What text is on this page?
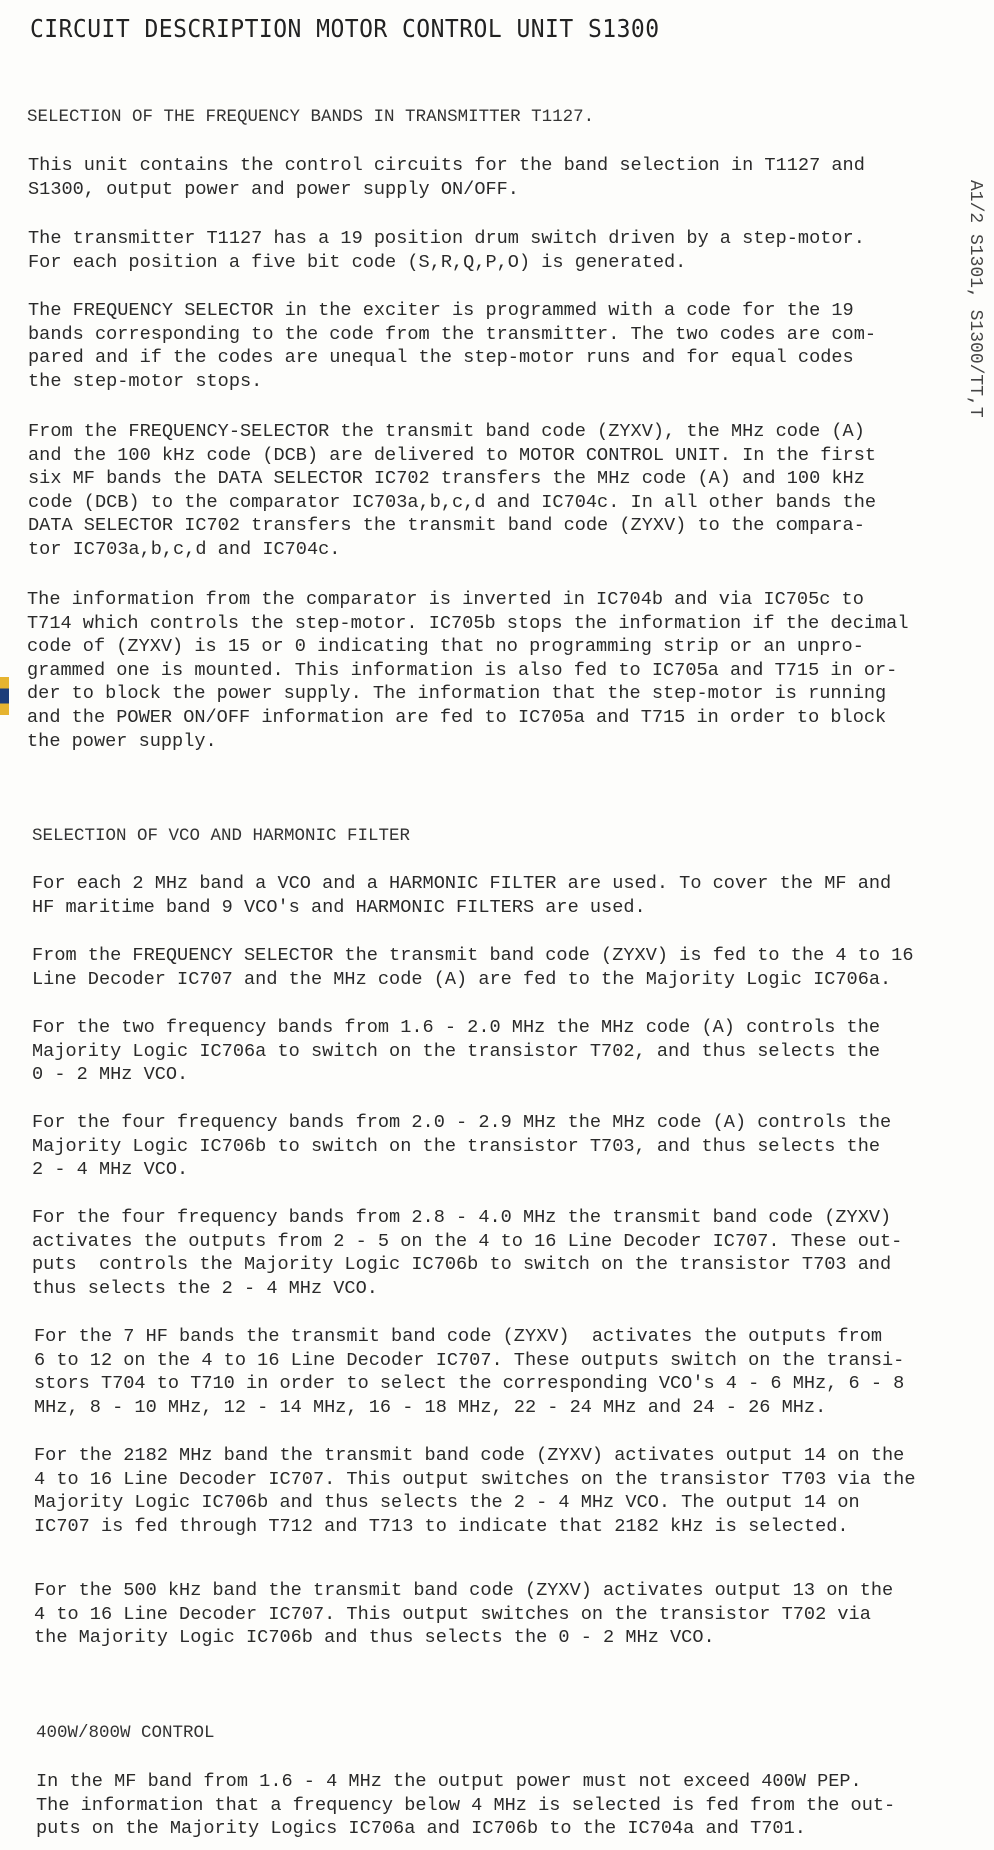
CIRCUIT DESCRIPTION MOTOR CONTROL UNIT S1300
A1/2 S1301, S1300/TT,T
SELECTION OF THE FREQUENCY BANDS IN TRANSMITTER T1127.
This unit contains the control circuits for the band selection in T1127 and
S1300, output power and power supply ON/OFF.
The transmitter T1127 has a 19 position drum switch driven by a step-motor.
For each position a five bit code (S,R,Q,P,O) is generated.
The FREQUENCY SELECTOR in the exciter is programmed with a code for the 19
bands corresponding to the code from the transmitter. The two codes are com-
pared and if the codes are unequal the step-motor runs and for equal codes
the step-motor stops.
From the FREQUENCY-SELECTOR the transmit band code (ZYXV), the MHz code (A)
and the 100 kHz code (DCB) are delivered to MOTOR CONTROL UNIT. In the first
six MF bands the DATA SELECTOR IC702 transfers the MHz code (A) and 100 kHz
code (DCB) to the comparator IC703a,b,c,d and IC704c. In all other bands the
DATA SELECTOR IC702 transfers the transmit band code (ZYXV) to the compara-
tor IC703a,b,c,d and IC704c.
The information from the comparator is inverted in IC704b and via IC705c to
T714 which controls the step-motor. IC705b stops the information if the decimal
code of (ZYXV) is 15 or 0 indicating that no programming strip or an unpro-
grammed one is mounted. This information is also fed to IC705a and T715 in or-
der to block the power supply. The information that the step-motor is running
and the POWER ON/OFF information are fed to IC705a and T715 in order to block
the power supply.
SELECTION OF VCO AND HARMONIC FILTER
For each 2 MHz band a VCO and a HARMONIC FILTER are used. To cover the MF and
HF maritime band 9 VCO's and HARMONIC FILTERS are used.
From the FREQUENCY SELECTOR the transmit band code (ZYXV) is fed to the 4 to 16
Line Decoder IC707 and the MHz code (A) are fed to the Majority Logic IC706a.
For the two frequency bands from 1.6 - 2.0 MHz the MHz code (A) controls the
Majority Logic IC706a to switch on the transistor T702, and thus selects the
0 - 2 MHz VCO.
For the four frequency bands from 2.0 - 2.9 MHz the MHz code (A) controls the
Majority Logic IC706b to switch on the transistor T703, and thus selects the
2 - 4 MHz VCO.
For the four frequency bands from 2.8 - 4.0 MHz the transmit band code (ZYXV)
activates the outputs from 2 - 5 on the 4 to 16 Line Decoder IC707. These out-
puts  controls the Majority Logic IC706b to switch on the transistor T703 and
thus selects the 2 - 4 MHz VCO.
For the 7 HF bands the transmit band code (ZYXV)  activates the outputs from
6 to 12 on the 4 to 16 Line Decoder IC707. These outputs switch on the transi-
stors T704 to T710 in order to select the corresponding VCO's 4 - 6 MHz, 6 - 8
MHz, 8 - 10 MHz, 12 - 14 MHz, 16 - 18 MHz, 22 - 24 MHz and 24 - 26 MHz.
For the 2182 MHz band the transmit band code (ZYXV) activates output 14 on the
4 to 16 Line Decoder IC707. This output switches on the transistor T703 via the
Majority Logic IC706b and thus selects the 2 - 4 MHz VCO. The output 14 on
IC707 is fed through T712 and T713 to indicate that 2182 kHz is selected.
For the 500 kHz band the transmit band code (ZYXV) activates output 13 on the
4 to 16 Line Decoder IC707. This output switches on the transistor T702 via
the Majority Logic IC706b and thus selects the 0 - 2 MHz VCO.
400W/800W CONTROL
In the MF band from 1.6 - 4 MHz the output power must not exceed 400W PEP.
The information that a frequency below 4 MHz is selected is fed from the out-
puts on the Majority Logics IC706a and IC706b to the IC704a and T701.
